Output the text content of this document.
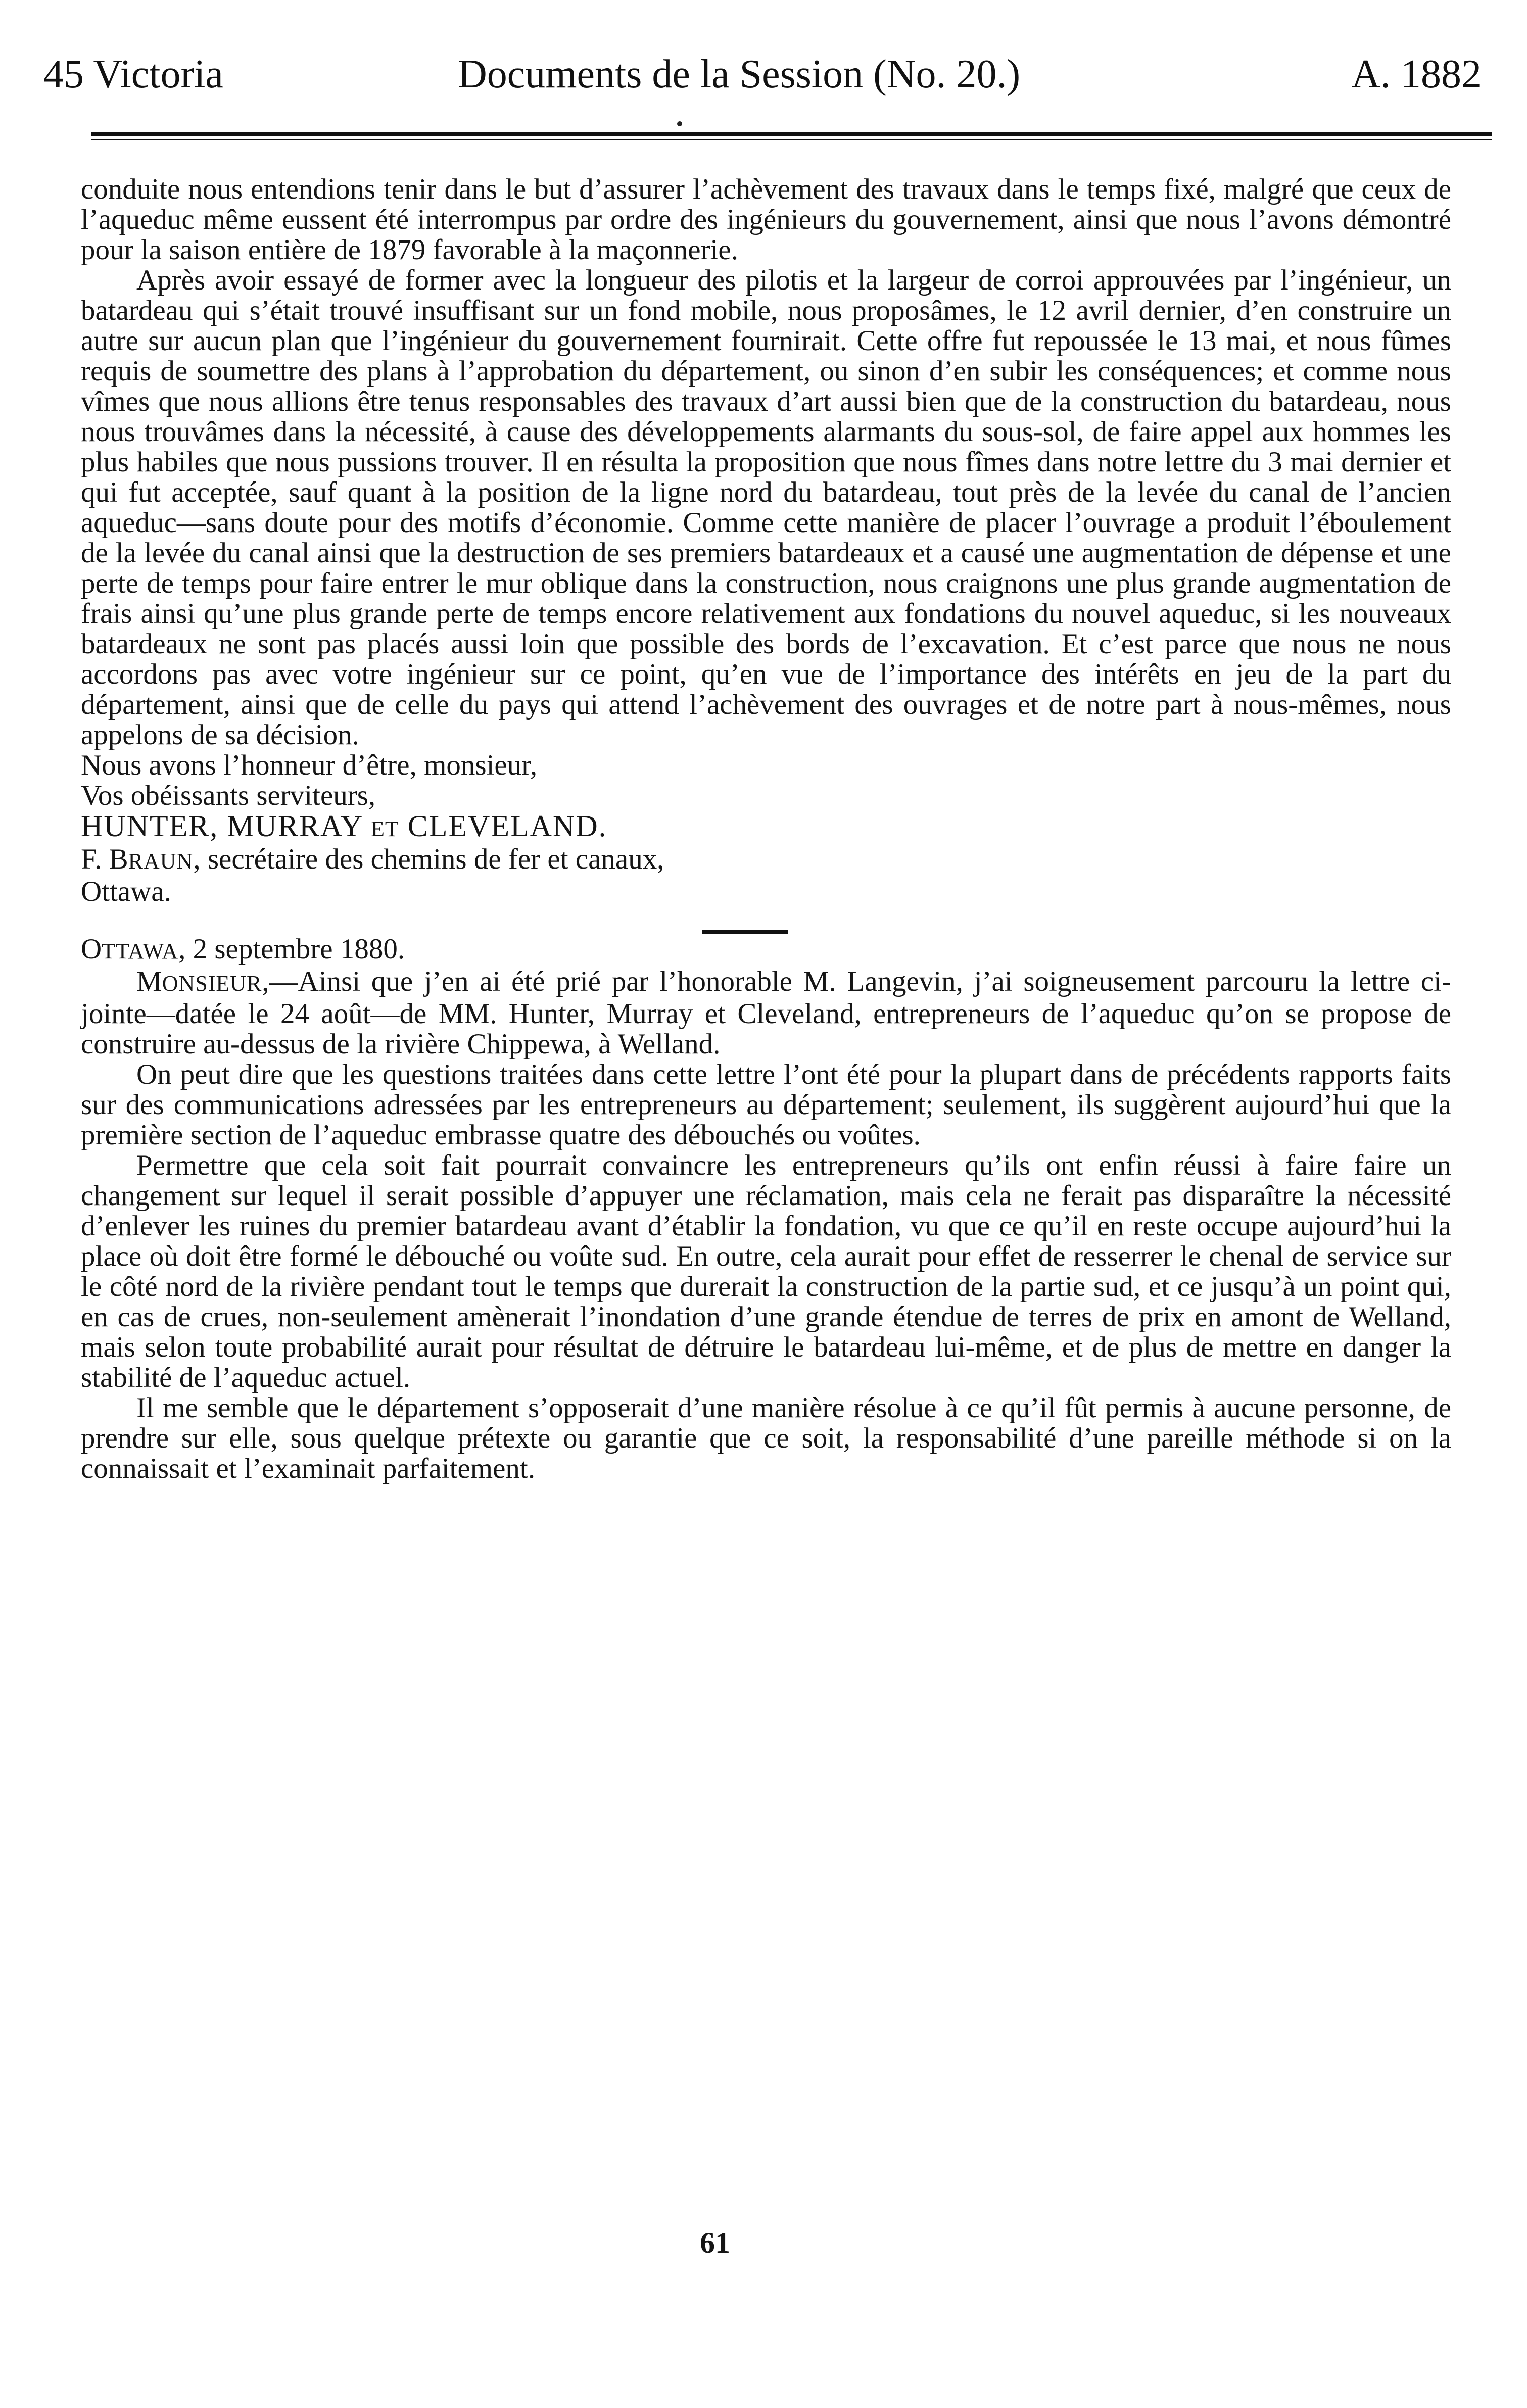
45 Victoria	Documents de la Session (No. 20.)	A. 1882

conduite nous entendions tenir dans le but d’assurer l’achèvement des travaux dans le temps fixé, malgré que ceux de l’aqueduc même eussent été interrompus par ordre des ingénieurs du gouvernement, ainsi que nous l’avons démontré pour la saison entière de 1879 favorable à la maçonnerie.

Après avoir essayé de former avec la longueur des pilotis et la largeur de corroi approuvées par l’ingénieur, un batardeau qui s’était trouvé insuffisant sur un fond mobile, nous proposâmes, le 12 avril dernier, d’en construire un autre sur aucun plan que l’ingénieur du gouvernement fournirait. Cette offre fut repoussée le 13 mai, et nous fûmes requis de soumettre des plans à l’approbation du département, ou sinon d’en subir les conséquences; et comme nous vîmes que nous allions être tenus responsables des travaux d’art aussi bien que de la construction du batardeau, nous nous trouvâmes dans la nécessité, à cause des développements alarmants du sous-sol, de faire appel aux hommes les plus habiles que nous pussions trouver. Il en résulta la proposition que nous fîmes dans notre lettre du 3 mai dernier et qui fut acceptée, sauf quant à la position de la ligne nord du batardeau, tout près de la levée du canal de l’ancien aqueduc—sans doute pour des motifs d’économie. Comme cette manière de placer l’ouvrage a produit l’éboulement de la levée du canal ainsi que la destruction de ses premiers batardeaux et a causé une augmentation de dépense et une perte de temps pour faire entrer le mur oblique dans la construction, nous craignons une plus grande augmentation de frais ainsi qu’une plus grande perte de temps encore relativement aux fondations du nouvel aqueduc, si les nouveaux batardeaux ne sont pas placés aussi loin que possible des bords de l’excavation. Et c’est parce que nous ne nous accordons pas avec votre ingénieur sur ce point, qu’en vue de l’importance des intérêts en jeu de la part du département, ainsi que de celle du pays qui attend l’achèvement des ouvrages et de notre part à nous-mêmes, nous appelons de sa décision.

Nous avons l’honneur d’être, monsieur,

Vos obéissants serviteurs,

HUNTER, MURRAY ET CLEVELAND.

F. BRAUN, secrétaire des chemins de fer et canaux,

Ottawa.

OTTAWA, 2 septembre 1880.

MONSIEUR,—Ainsi que j’en ai été prié par l’honorable M. Langevin, j’ai soigneusement parcouru la lettre ci-jointe—datée le 24 août—de MM. Hunter, Murray et Cleveland, entrepreneurs de l’aqueduc qu’on se propose de construire au-dessus de la rivière Chippewa, à Welland.

On peut dire que les questions traitées dans cette lettre l’ont été pour la plupart dans de précédents rapports faits sur des communications adressées par les entrepreneurs au département; seulement, ils suggèrent aujourd’hui que la première section de l’aqueduc embrasse quatre des débouchés ou voûtes.

Permettre que cela soit fait pourrait convaincre les entrepreneurs qu’ils ont enfin réussi à faire faire un changement sur lequel il serait possible d’appuyer une réclamation, mais cela ne ferait pas disparaître la nécessité d’enlever les ruines du premier batardeau avant d’établir la fondation, vu que ce qu’il en reste occupe aujourd’hui la place où doit être formé le débouché ou voûte sud. En outre, cela aurait pour effet de resserrer le chenal de service sur le côté nord de la rivière pendant tout le temps que durerait la construction de la partie sud, et ce jusqu’à un point qui, en cas de crues, non-seulement amènerait l’inondation d’une grande étendue de terres de prix en amont de Welland, mais selon toute probabilité aurait pour résultat de détruire le batardeau lui-même, et de plus de mettre en danger la stabilité de l’aqueduc actuel.

Il me semble que le département s’opposerait d’une manière résolue à ce qu’il fût permis à aucune personne, de prendre sur elle, sous quelque prétexte ou garantie que ce soit, la responsabilité d’une pareille méthode si on la connaissait et l’examinait parfaitement.

61
